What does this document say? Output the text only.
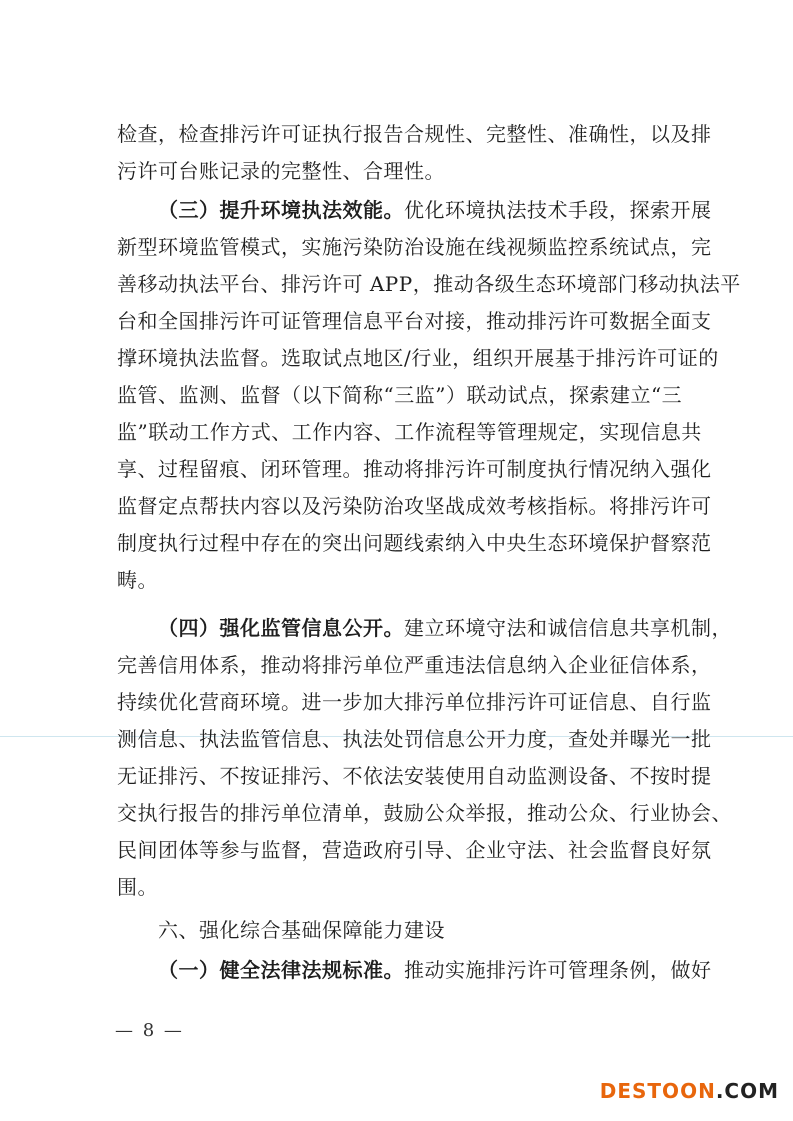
检查，检查排污许可证执行报告合规性、完整性、准确性，以及排
污许可台账记录的完整性、合理性。
（三）提升环境执法效能。优化环境执法技术手段，探索开展
新型环境监管模式，实施污染防治设施在线视频监控系统试点，完
善移动执法平台、排污许可 APP，推动各级生态环境部门移动执法平
台和全国排污许可证管理信息平台对接，推动排污许可数据全面支
撑环境执法监督。选取试点地区/行业，组织开展基于排污许可证的
监管、监测、监督（以下简称“三监”）联动试点，探索建立“三
监”联动工作方式、工作内容、工作流程等管理规定，实现信息共
享、过程留痕、闭环管理。推动将排污许可制度执行情况纳入强化
监督定点帮扶内容以及污染防治攻坚战成效考核指标。将排污许可
制度执行过程中存在的突出问题线索纳入中央生态环境保护督察范
畴。
（四）强化监管信息公开。建立环境守法和诚信信息共享机制，
完善信用体系，推动将排污单位严重违法信息纳入企业征信体系，
持续优化营商环境。进一步加大排污单位排污许可证信息、自行监
测信息、执法监管信息、执法处罚信息公开力度，查处并曝光一批
无证排污、不按证排污、不依法安装使用自动监测设备、不按时提
交执行报告的排污单位清单，鼓励公众举报，推动公众、行业协会、
民间团体等参与监督，营造政府引导、企业守法、社会监督良好氛
围。
六、强化综合基础保障能力建设
（一）健全法律法规标准。推动实施排污许可管理条例，做好
— 8 —
DESTOON.COM
